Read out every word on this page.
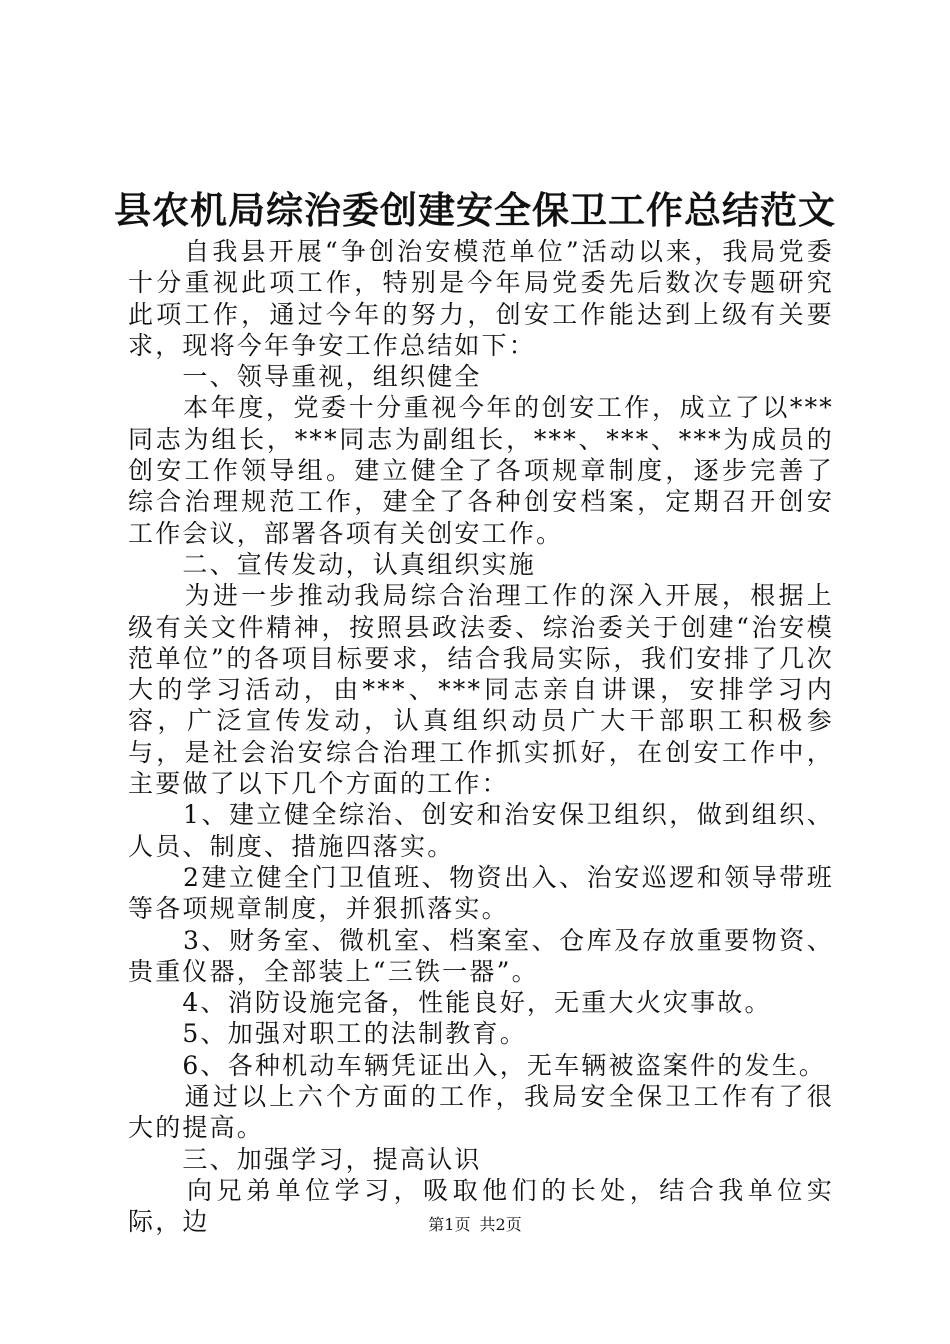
县农机局综治委创建安全保卫工作总结范文

　　自我县开展“争创治安模范单位”活动以来，我局党委十分重视此项工作，特别是今年局党委先后数次专题研究此项工作，通过今年的努力，创安工作能达到上级有关要求，现将今年争安工作总结如下：

　　一、领导重视，组织健全

　　本年度，党委十分重视今年的创安工作，成立了以***同志为组长，***同志为副组长，***、***、***为成员的创安工作领导组。建立健全了各项规章制度，逐步完善了综合治理规范工作，建全了各种创安档案，定期召开创安工作会议，部署各项有关创安工作。

　　二、宣传发动，认真组织实施

　　为进一步推动我局综合治理工作的深入开展，根据上级有关文件精神，按照县政法委、综治委关于创建“治安模范单位”的各项目标要求，结合我局实际，我们安排了几次大的学习活动，由***、***同志亲自讲课，安排学习内容，广泛宣传发动，认真组织动员广大干部职工积极参与，是社会治安综合治理工作抓实抓好，在创安工作中，主要做了以下几个方面的工作：

　　1、建立健全综治、创安和治安保卫组织，做到组织、人员、制度、措施四落实。

　　2建立健全门卫值班、物资出入、治安巡逻和领导带班等各项规章制度，并狠抓落实。

　　3、财务室、微机室、档案室、仓库及存放重要物资、贵重仪器，全部装上“三铁一器”。

　　4、消防设施完备，性能良好，无重大火灾事故。

　　5、加强对职工的法制教育。

　　6、各种机动车辆凭证出入，无车辆被盗案件的发生。

　　通过以上六个方面的工作，我局安全保卫工作有了很大的提高。

　　三、加强学习，提高认识

　　向兄弟单位学习，吸取他们的长处，结合我单位实际，边	第1页 共2页
